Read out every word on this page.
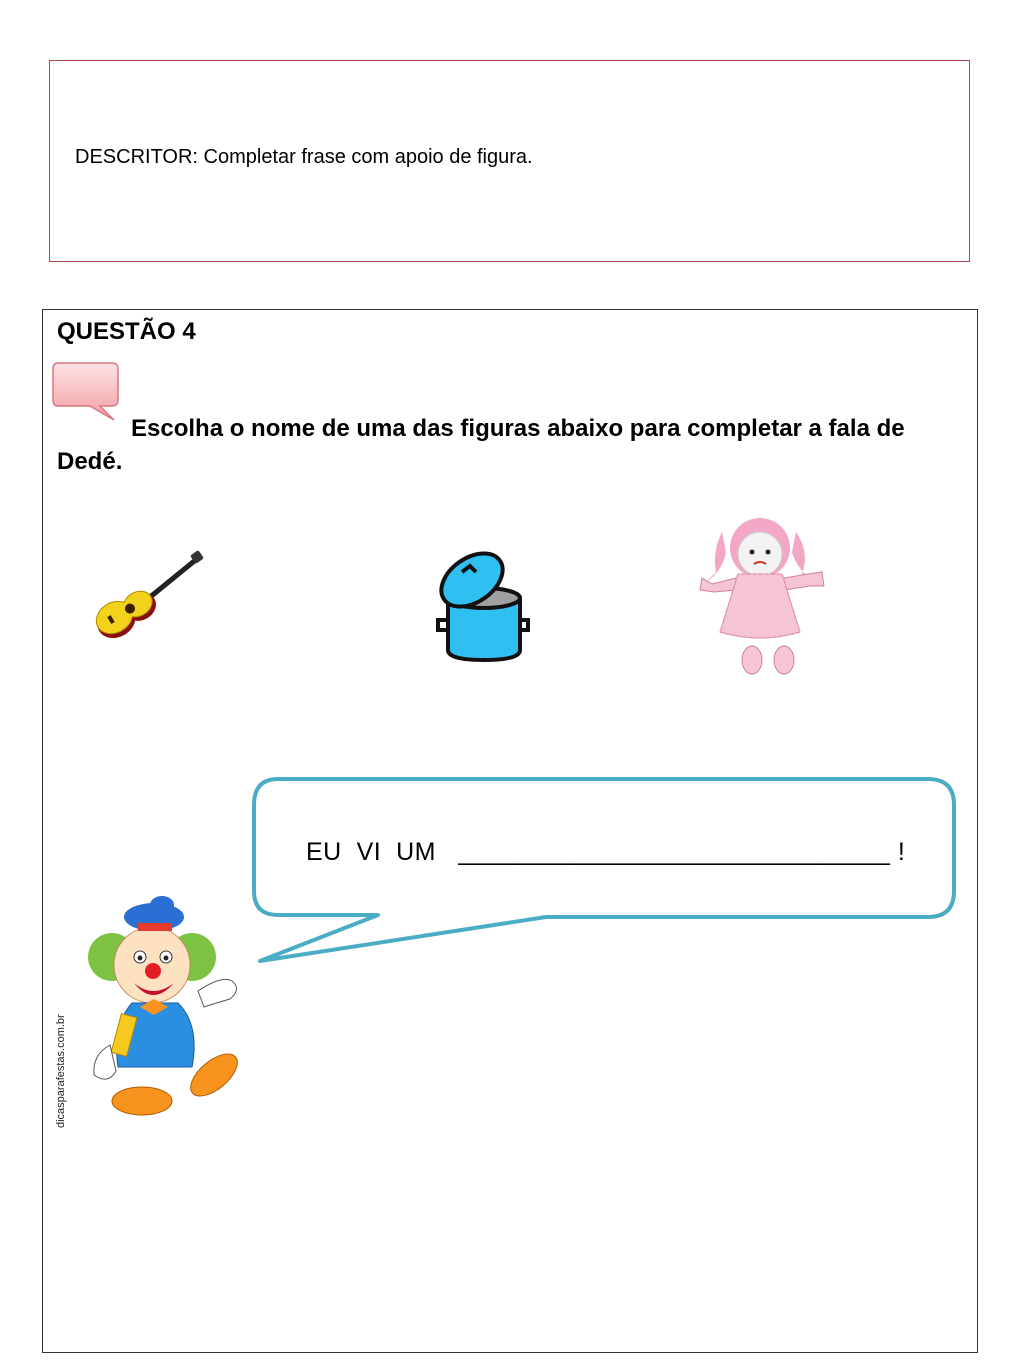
DESCRITOR: Completar frase com apoio de figura.
QUESTÃO 4
Escolha o nome de uma das figuras abaixo para completar a fala de Dedé.
EU  VI  UM   ______________________________ !
dicasparafestas.com.br
